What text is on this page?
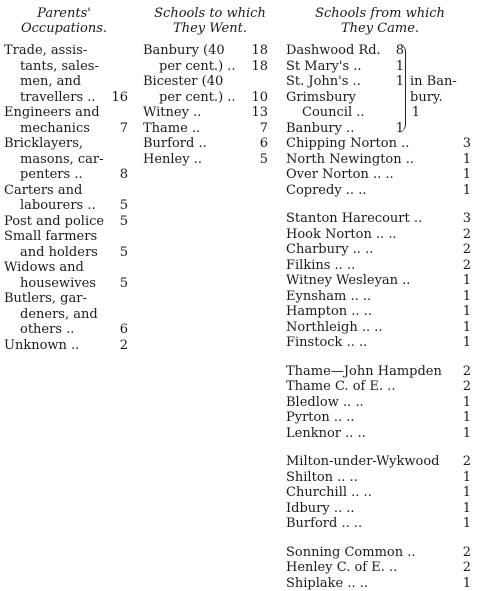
Parents'
Occupations.
Schools to which
They Went.
Schools from which
They Came.
Trade, assis-
tants, sales-
men, and
travellers .. 16
Engineers and
mechanics 7
Bricklayers,
masons, car-
penters ..	8
Carters and
labourers .. 5
Post and police 5
Small farmers
and holders 5
Widows and
housewives 5
Butlers, gar-
deners, and
others ..	6
Unknown ..	2
Banbury (40 18
per cent.) .. 18
Bicester (40
per cent.) .. 10
Witney ..	13
Thame ..	7
Burford ..	6
Henley ..	5
Dashwood Rd. 8
St Mary's ..	1
St. John's ..	1
Grimsbury
Council ..	1
Banbury ..	1
Chipping Norton ..	3
North Newington ..	1
Over Norton .. ..	1
Copredy .. ..	1
Stanton Harecourt ..	3
Hook Norton .. ..	2
Charbury .. ..	2
Filkins .. ..	2
Witney Wesleyan ..	1
Eynsham .. ..	1
Hampton .. ..	1
Northleigh .. ..	1
Finstock .. ..	1
Thame—John Hampden 2
Thame C. of E. ..	2
Bledlow .. ..	1
Pyrton .. ..	1
Lenknor .. ..	1
Milton-under-Wykwood 2
Shilton .. ..	1
Churchill .. ..	1
Idbury .. ..	1
Burford .. ..	1
Sonning Common ..	2
Henley C. of E. ..	2
Shiplake .. ..	1
in Ban-
bury.
